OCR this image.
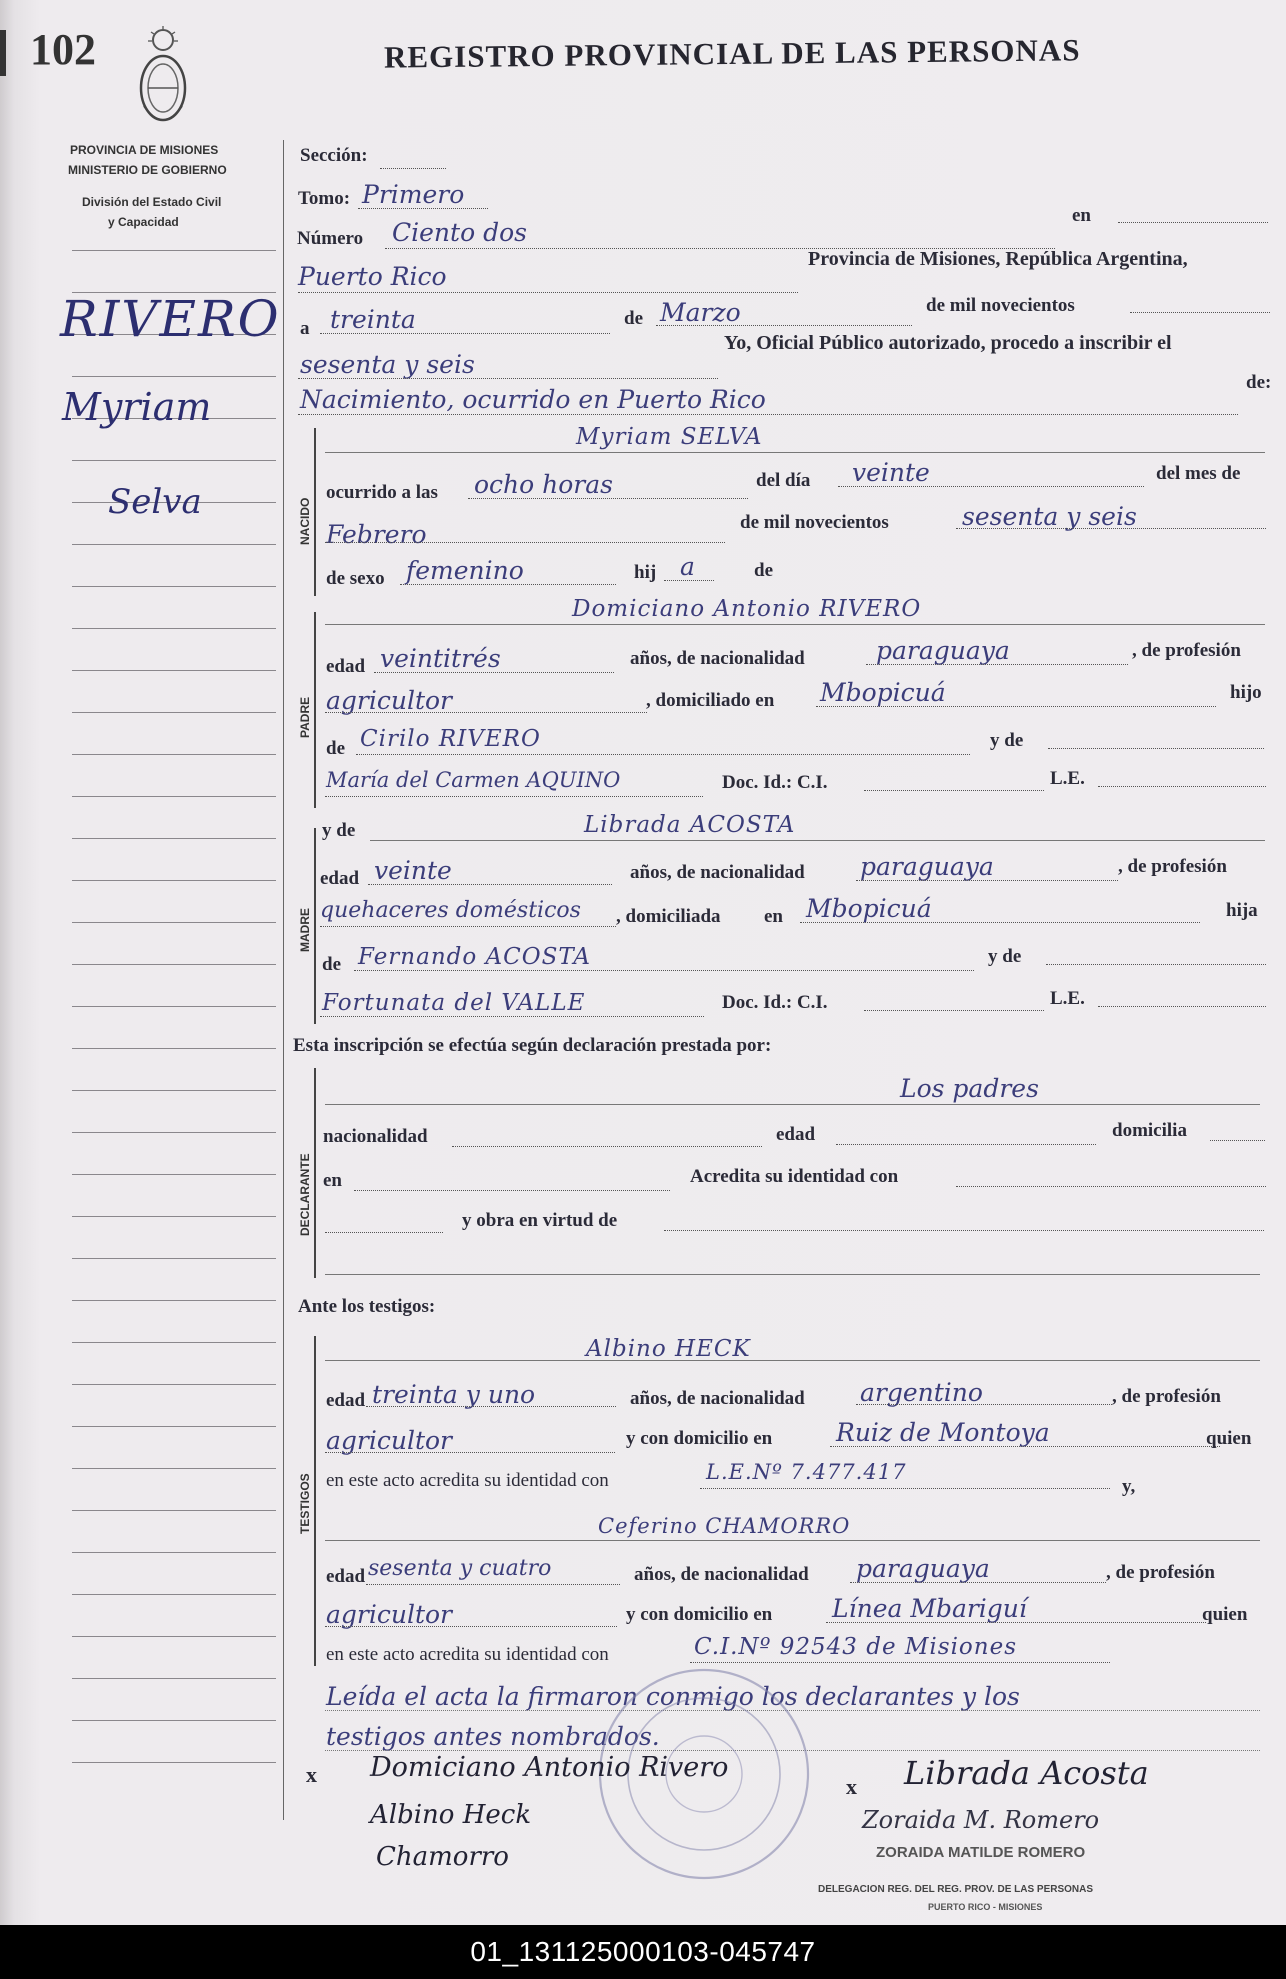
102	REGISTRO PROVINCIAL DE LAS PERSONAS
PROVINCIA DE MISIONES
MINISTERIO DE GOBIERNO
División del Estado Civil
y Capacidad
RIVERO
Myriam
Selva
Sección:
Tomo: Primero
Número Ciento dos
en
Puerto Rico
Provincia de Misiones, República Argentina,
a treinta	de Marzo	de mil novecientos
sesenta y seis
Yo, Oficial Público autorizado, procedo a inscribir el
Nacimiento, ocurrido en Puerto Rico
de:
NACIDO
Myriam SELVA
ocurrido a las ocho horas	del día veinte	del mes de
Febrero	de mil novecientos	sesenta y seis
de sexo femenino	hij a	de
PADRE
Domiciano Antonio RIVERO
edad veintitrés	años, de nacionalidad	paraguaya	, de profesión
agricultor	, domiciliado en Mbopicuá	hijo
de Cirilo RIVERO	y de
María del Carmen AQUINO	Doc. Id.: C.I.	L.E.
y de
MADRE
Librada ACOSTA
edad veinte	años, de nacionalidad paraguaya	, de profesión
quehaceres domésticos , domiciliada en Mbopicuá	hija
de Fernando ACOSTA	y de
Fortunata del VALLE	Doc. Id.: C.I.	L.E.
Esta inscripción se efectúa según declaración prestada por:
DECLARANTE
Los padres
nacionalidad	edad	domicilia
en	Acredita su identidad con
y obra en virtud de
Ante los testigos:
TESTIGOS
Albino HECK
edad treinta y uno	años, de nacionalidad argentino	, de profesión
agricultor	y con domicilio en	Ruiz de Montoya	quien
en este acto acredita su identidad con	L.E.Nº 7.477.417
y,
Ceferino CHAMORRO
edad sesenta y cuatro	años, de nacionalidad paraguaya	, de profesión
agricultor	y con domicilio en Línea Mbariguí	quien
en este acto acredita su identidad con	C.I.Nº 92543 de Misiones
Leída el acta la firmaron conmigo los declarantes y los
testigos antes nombrados.
x Domiciano Antonio Rivero
x Librada Acosta
Albino Heck	Zoraida M. Romero
Chamorro	ZORAIDA MATILDE ROMERO
DELEGACION REG. DEL REG. PROV. DE LAS PERSONAS
PUERTO RICO - MISIONES
01_131125000103-045747
